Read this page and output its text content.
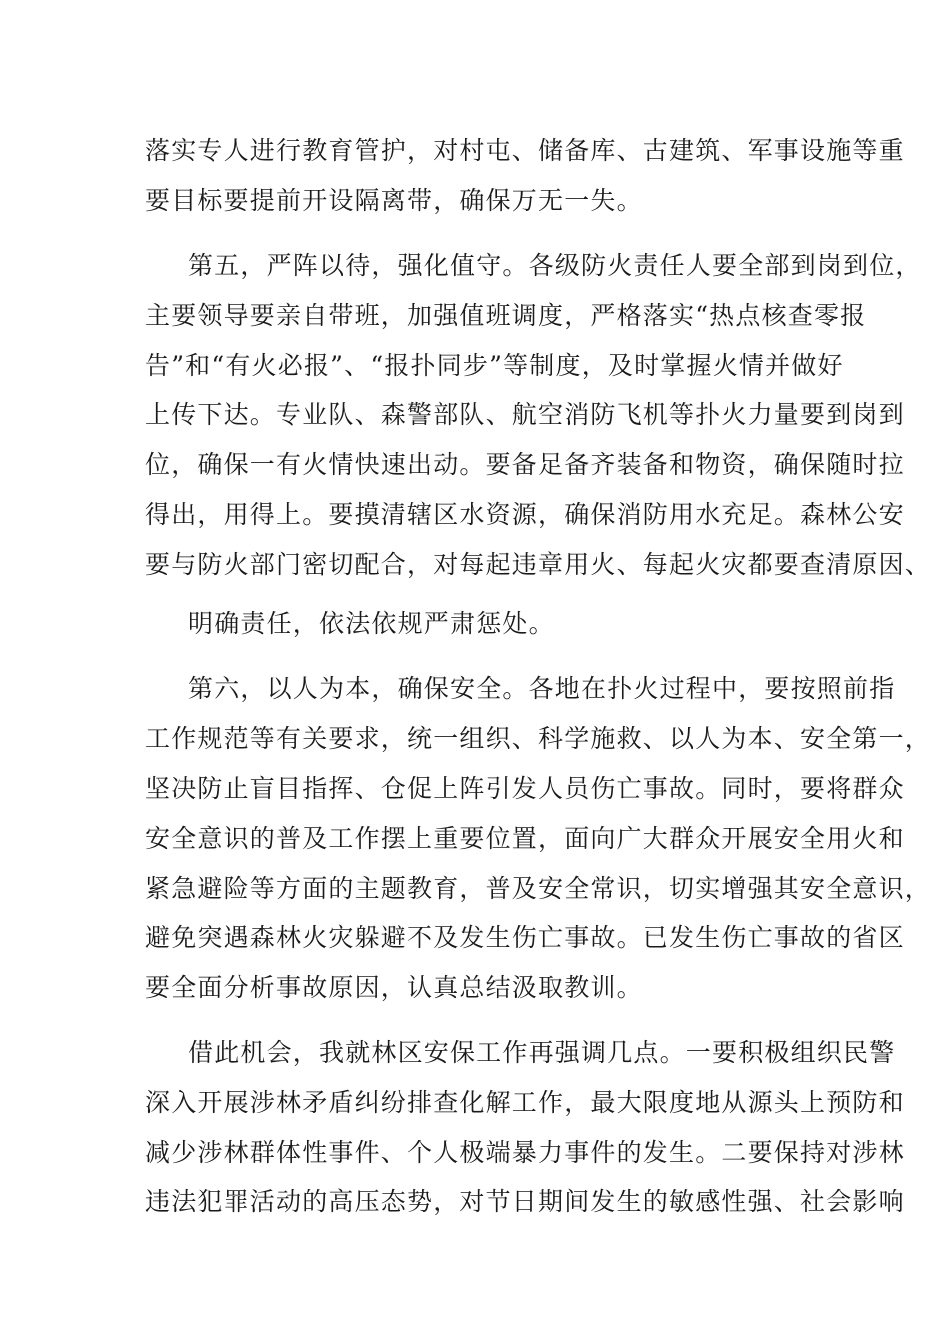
落实专人进行教育管护，对村屯、储备库、古建筑、军事设施等重
要目标要提前开设隔离带，确保万无一失。
第五，严阵以待，强化值守。各级防火责任人要全部到岗到位，
主要领导要亲自带班，加强值班调度，严格落实“热点核查零报
告”和“有火必报”、“报扑同步”等制度，及时掌握火情并做好
上传下达。专业队、森警部队、航空消防飞机等扑火力量要到岗到
位，确保一有火情快速出动。要备足备齐装备和物资，确保随时拉
得出，用得上。要摸清辖区水资源，确保消防用水充足。森林公安
要与防火部门密切配合，对每起违章用火、每起火灾都要查清原因、
明确责任，依法依规严肃惩处。
第六，以人为本，确保安全。各地在扑火过程中，要按照前指
工作规范等有关要求，统一组织、科学施救、以人为本、安全第一，
坚决防止盲目指挥、仓促上阵引发人员伤亡事故。同时，要将群众
安全意识的普及工作摆上重要位置，面向广大群众开展安全用火和
紧急避险等方面的主题教育，普及安全常识，切实增强其安全意识，
避免突遇森林火灾躲避不及发生伤亡事故。已发生伤亡事故的省区
要全面分析事故原因，认真总结汲取教训。
借此机会，我就林区安保工作再强调几点。一要积极组织民警
深入开展涉林矛盾纠纷排查化解工作，最大限度地从源头上预防和
减少涉林群体性事件、个人极端暴力事件的发生。二要保持对涉林
违法犯罪活动的高压态势，对节日期间发生的敏感性强、社会影响
